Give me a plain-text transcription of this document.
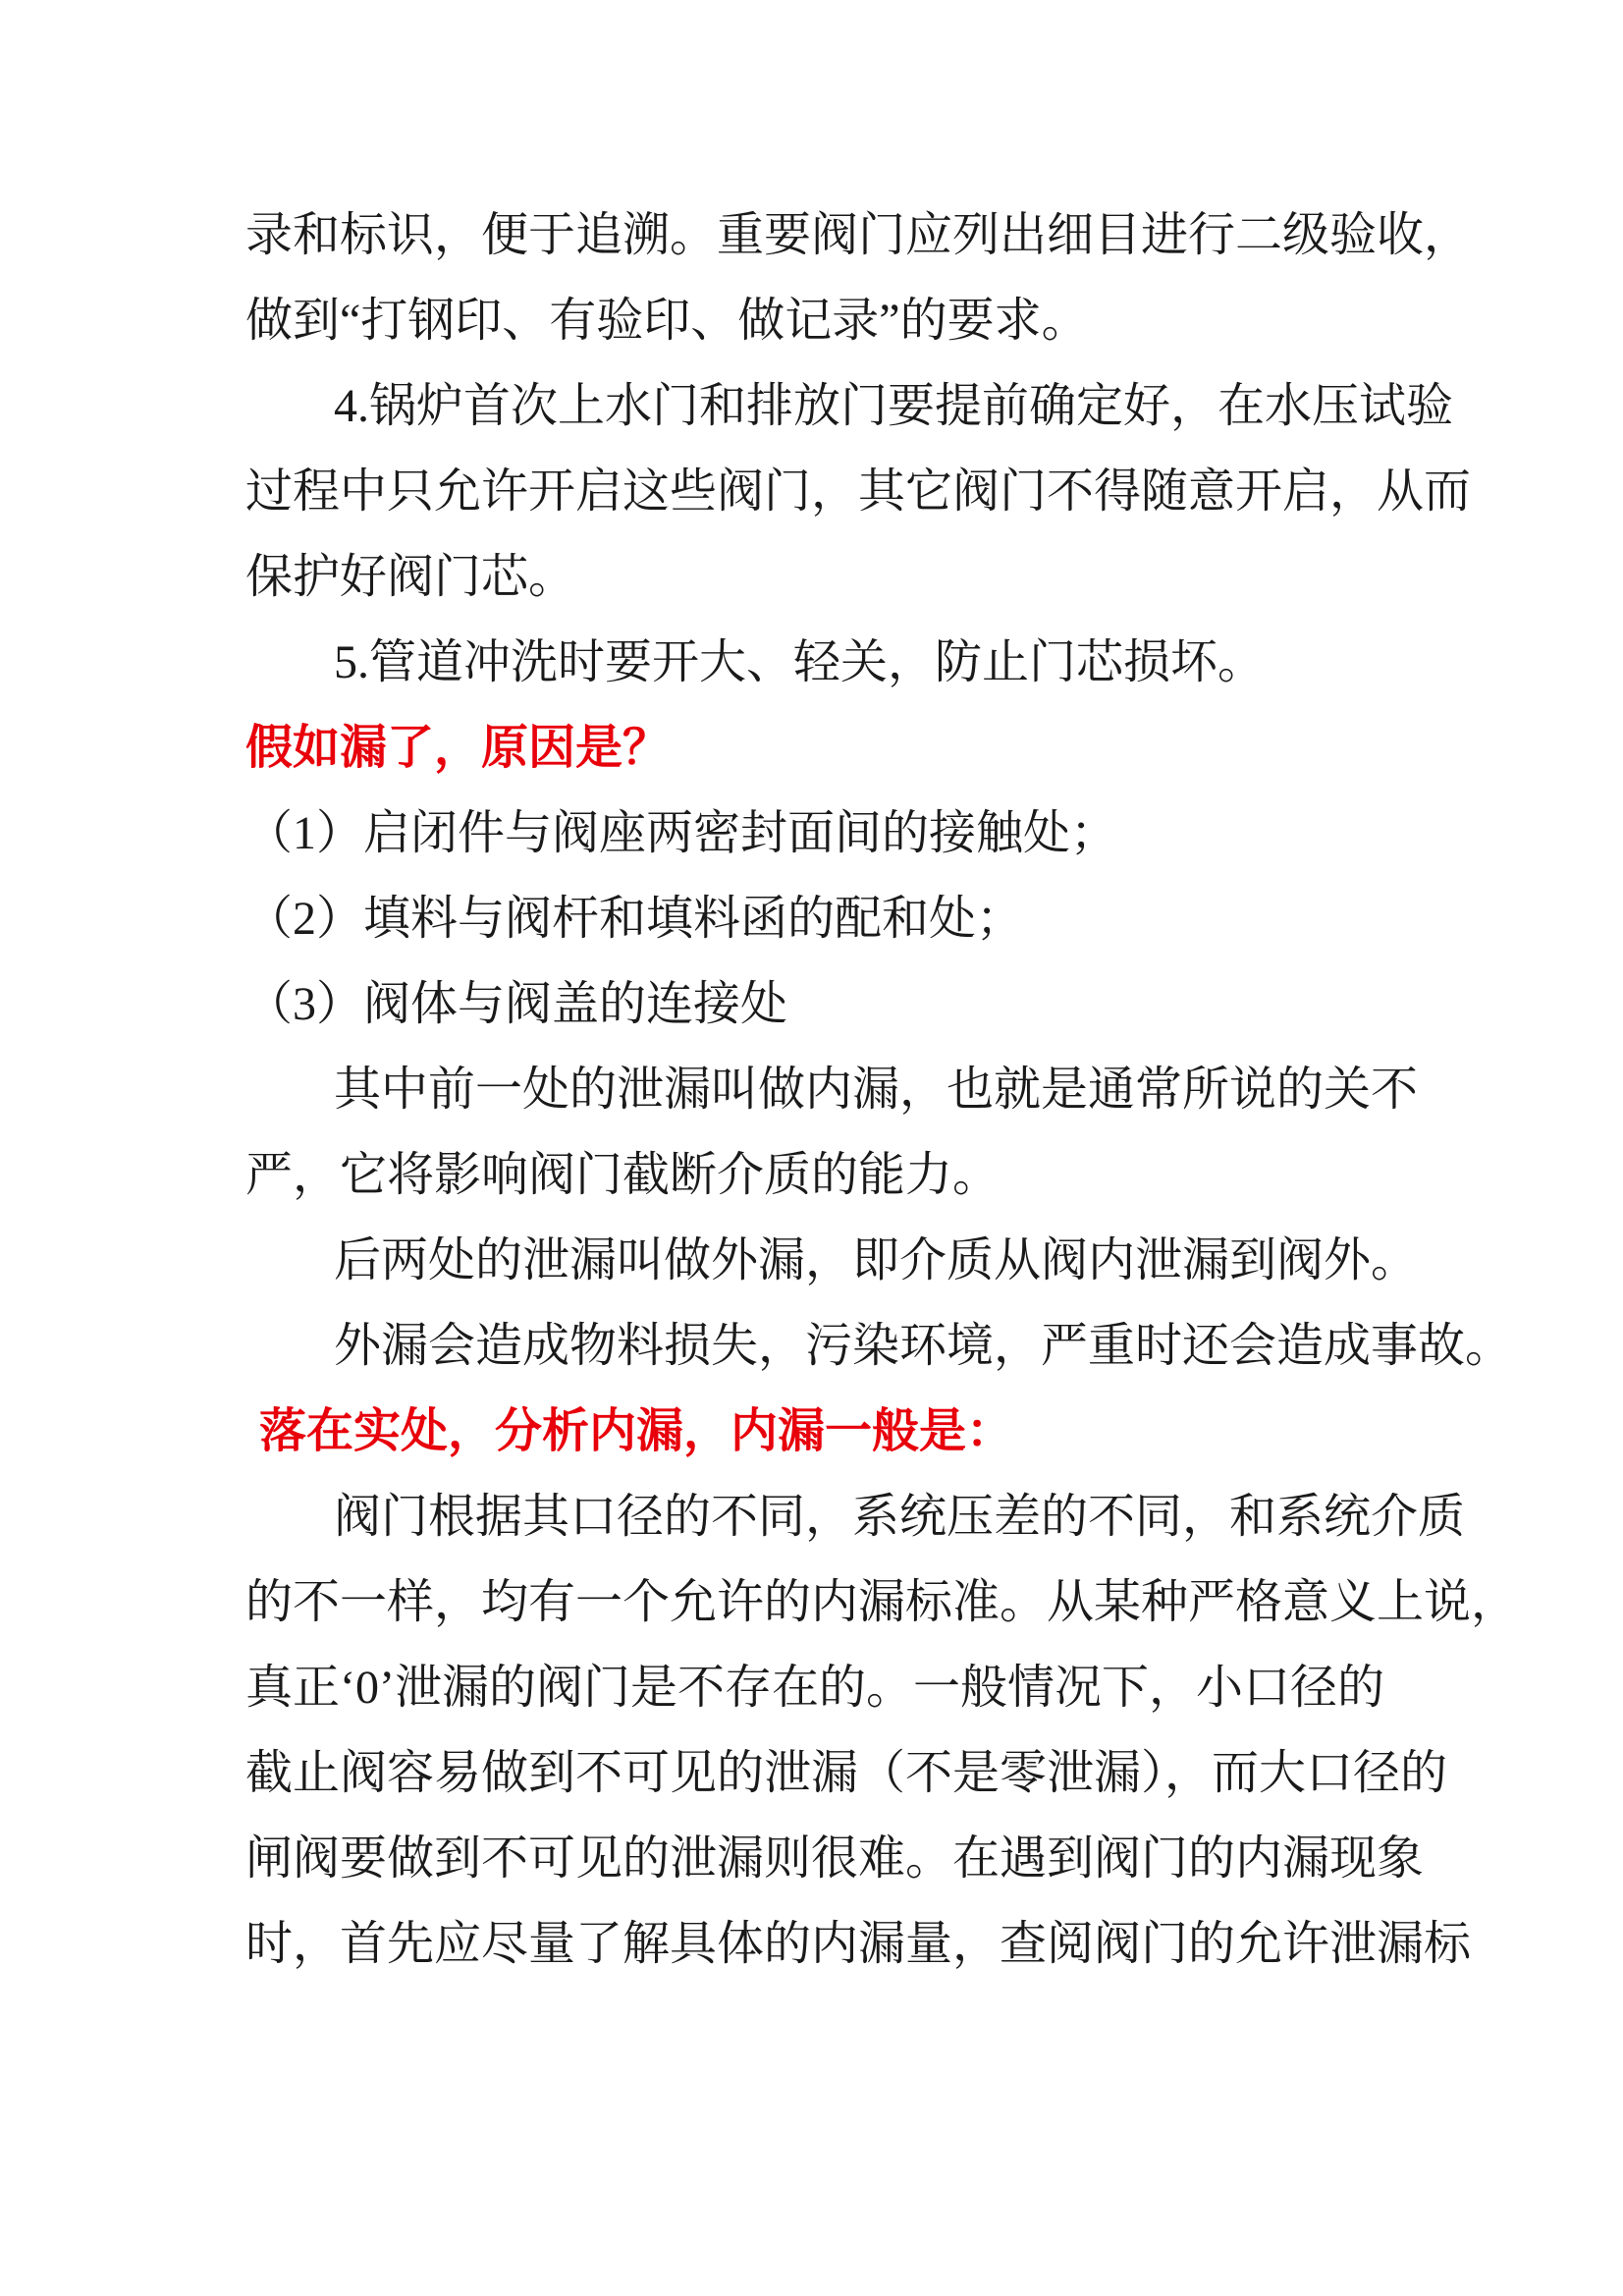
录和标识，便于追溯。重要阀门应列出细目进行二级验收，
做到“打钢印、有验印、做记录”的要求。
4.锅炉首次上水门和排放门要提前确定好，在水压试验
过程中只允许开启这些阀门，其它阀门不得随意开启，从而
保护好阀门芯。
5.管道冲洗时要开大、轻关，防止门芯损坏。
假如漏了，原因是？
（1）启闭件与阀座两密封面间的接触处；
（2）填料与阀杆和填料函的配和处；
（3）阀体与阀盖的连接处
其中前一处的泄漏叫做内漏，也就是通常所说的关不
严，它将影响阀门截断介质的能力。
后两处的泄漏叫做外漏，即介质从阀内泄漏到阀外。
外漏会造成物料损失，污染环境，严重时还会造成事故。
落在实处，分析内漏，内漏一般是：
阀门根据其口径的不同，系统压差的不同，和系统介质
的不一样，均有一个允许的内漏标准。从某种严格意义上说，
真正‘0’泄漏的阀门是不存在的。一般情况下，小口径的
截止阀容易做到不可见的泄漏（不是零泄漏），而大口径的
闸阀要做到不可见的泄漏则很难。在遇到阀门的内漏现象
时，首先应尽量了解具体的内漏量，查阅阀门的允许泄漏标
